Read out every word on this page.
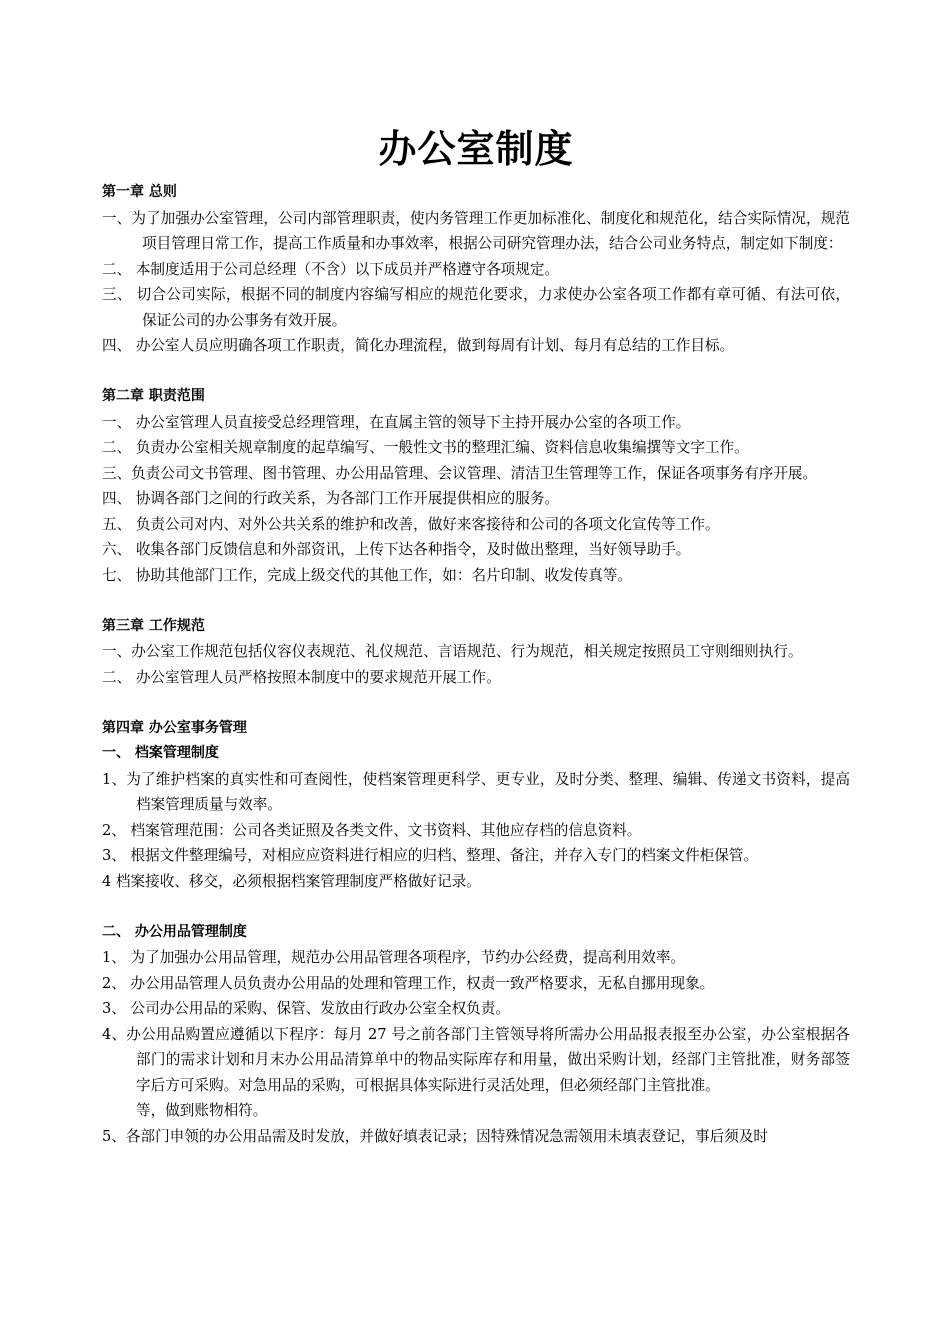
办公室制度

第一章 总则

一、为了加强办公室管理，公司内部管理职责，使内务管理工作更加标准化、制度化和规范化，结合实际情况，规范项目管理日常工作，提高工作质量和办事效率，根据公司研究管理办法，结合公司业务特点，制定如下制度：

二、 本制度适用于公司总经理（不含）以下成员并严格遵守各项规定。

三、 切合公司实际，根据不同的制度内容编写相应的规范化要求，力求使办公室各项工作都有章可循、有法可依，保证公司的办公事务有效开展。

四、 办公室人员应明确各项工作职责，简化办理流程，做到每周有计划、每月有总结的工作目标。

第二章 职责范围

一、 办公室管理人员直接受总经理管理，在直属主管的领导下主持开展办公室的各项工作。

二、 负责办公室相关规章制度的起草编写、一般性文书的整理汇编、资料信息收集编撰等文字工作。

三、负责公司文书管理、图书管理、办公用品管理、会议管理、清洁卫生管理等工作，保证各项事务有序开展。

四、 协调各部门之间的行政关系，为各部门工作开展提供相应的服务。

五、 负责公司对内、对外公共关系的维护和改善，做好来客接待和公司的各项文化宣传等工作。

六、 收集各部门反馈信息和外部资讯，上传下达各种指令，及时做出整理，当好领导助手。

七、 协助其他部门工作，完成上级交代的其他工作，如：名片印制、收发传真等。

第三章 工作规范

一、办公室工作规范包括仪容仪表规范、礼仪规范、言语规范、行为规范，相关规定按照员工守则细则执行。

二、 办公室管理人员严格按照本制度中的要求规范开展工作。

第四章 办公室事务管理

一、 档案管理制度

1、为了维护档案的真实性和可查阅性，使档案管理更科学、更专业，及时分类、整理、编辑、传递文书资料，提高档案管理质量与效率。

2、 档案管理范围：公司各类证照及各类文件、文书资料、其他应存档的信息资料。

3、 根据文件整理编号，对相应应资料进行相应的归档、整理、备注，并存入专门的档案文件柜保管。

4 档案接收、移交，必须根据档案管理制度严格做好记录。

二、 办公用品管理制度

1、 为了加强办公用品管理，规范办公用品管理各项程序，节约办公经费，提高利用效率。

2、 办公用品管理人员负责办公用品的处理和管理工作，权责一致严格要求，无私自挪用现象。

3、 公司办公用品的采购、保管、发放由行政办公室全权负责。

4、办公用品购置应遵循以下程序：每月 27 号之前各部门主管领导将所需办公用品报表报至办公室，办公室根据各部门的需求计划和月末办公用品清算单中的物品实际库存和用量，做出采购计划，经部门主管批准，财务部签字后方可采购。对急用品的采购，可根据具体实际进行灵活处理，但必须经部门主管批准。

等，做到账物相符。

5、各部门申领的办公用品需及时发放，并做好填表记录；因特殊情况急需领用未填表登记，事后须及时
